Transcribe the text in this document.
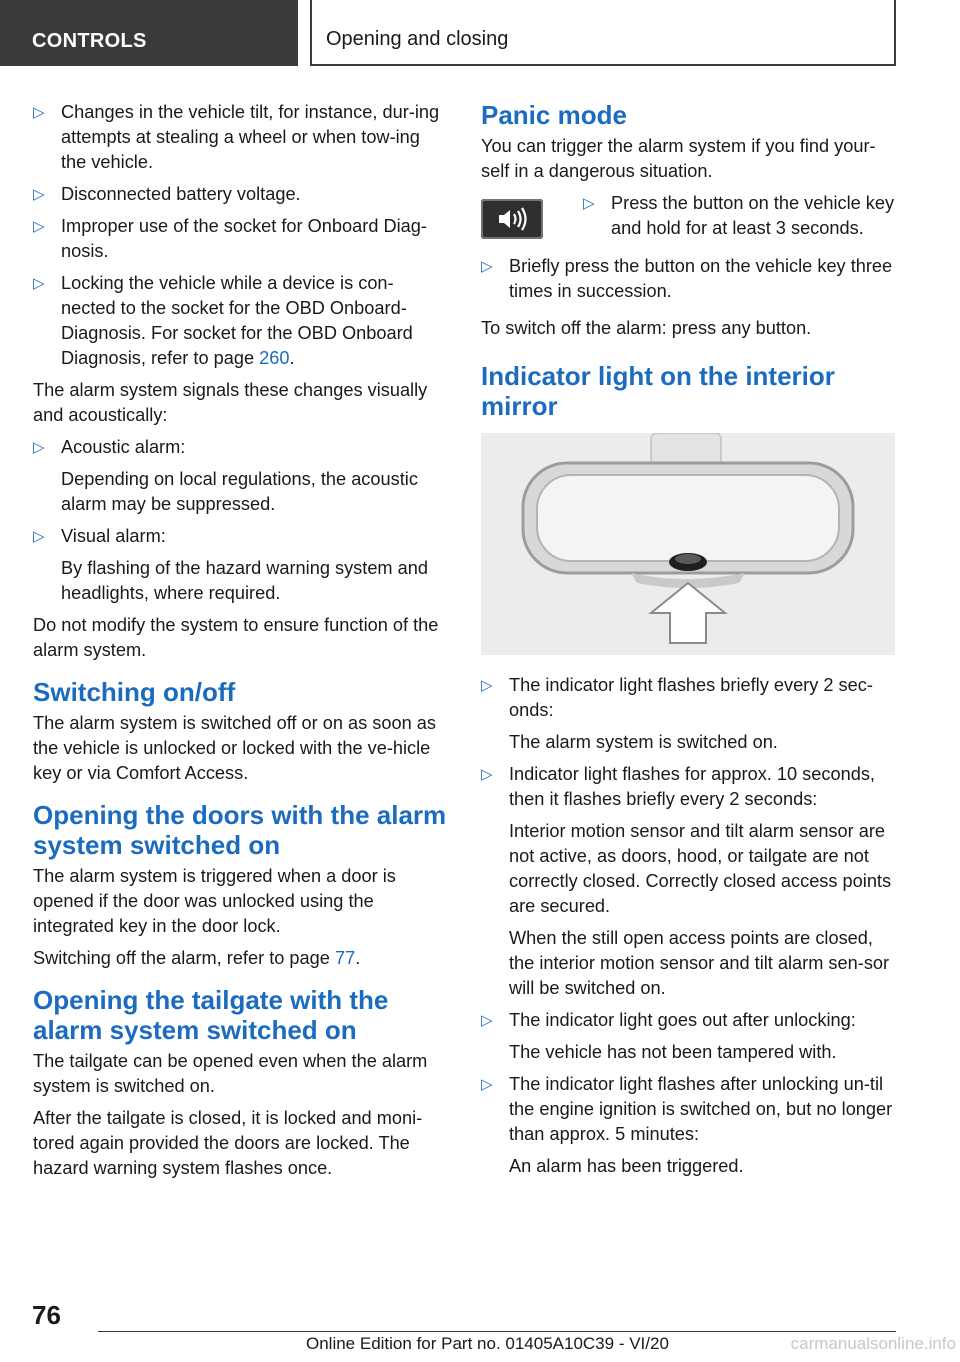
CONTROLS	Opening and closing
▷ Changes in the vehicle tilt, for instance, dur-ing attempts at stealing a wheel or when tow-ing the vehicle.
▷ Disconnected battery voltage.
▷ Improper use of the socket for Onboard Diag-nosis.
▷ Locking the vehicle while a device is con-nected to the socket for the OBD Onboard-Diagnosis. For socket for the OBD Onboard Diagnosis, refer to page 260.

The alarm system signals these changes visually and acoustically:

▷ Acoustic alarm:
Depending on local regulations, the acoustic alarm may be suppressed.
▷ Visual alarm:
By flashing of the hazard warning system and headlights, where required.

Do not modify the system to ensure function of the alarm system.

Switching on/off

The alarm system is switched off or on as soon as the vehicle is unlocked or locked with the ve-hicle key or via Comfort Access.

Opening the doors with the alarm system switched on

The alarm system is triggered when a door is opened if the door was unlocked using the integrated key in the door lock.

Switching off the alarm, refer to page 77.

Opening the tailgate with the alarm system switched on

The tailgate can be opened even when the alarm system is switched on.

After the tailgate is closed, it is locked and moni-tored again provided the doors are locked. The hazard warning system flashes once.

Panic mode

You can trigger the alarm system if you find your-self in a dangerous situation.

▷ Press the button on the vehicle key and hold for at least 3 seconds.
▷ Briefly press the button on the vehicle key three times in succession.

To switch off the alarm: press any button.

Indicator light on the interior mirror
▷ The indicator light flashes briefly every 2 sec-onds:
The alarm system is switched on.
▷ Indicator light flashes for approx. 10 seconds, then it flashes briefly every 2 seconds:
Interior motion sensor and tilt alarm sensor are not active, as doors, hood, or tailgate are not correctly closed. Correctly closed access points are secured.
When the still open access points are closed, the interior motion sensor and tilt alarm sen-sor will be switched on.
▷ The indicator light goes out after unlocking:
The vehicle has not been tampered with.
▷ The indicator light flashes after unlocking un-til the engine ignition is switched on, but no longer than approx. 5 minutes:
An alarm has been triggered.
76
Online Edition for Part no. 01405A10C39 - VI/20	carmanualsonline.info
